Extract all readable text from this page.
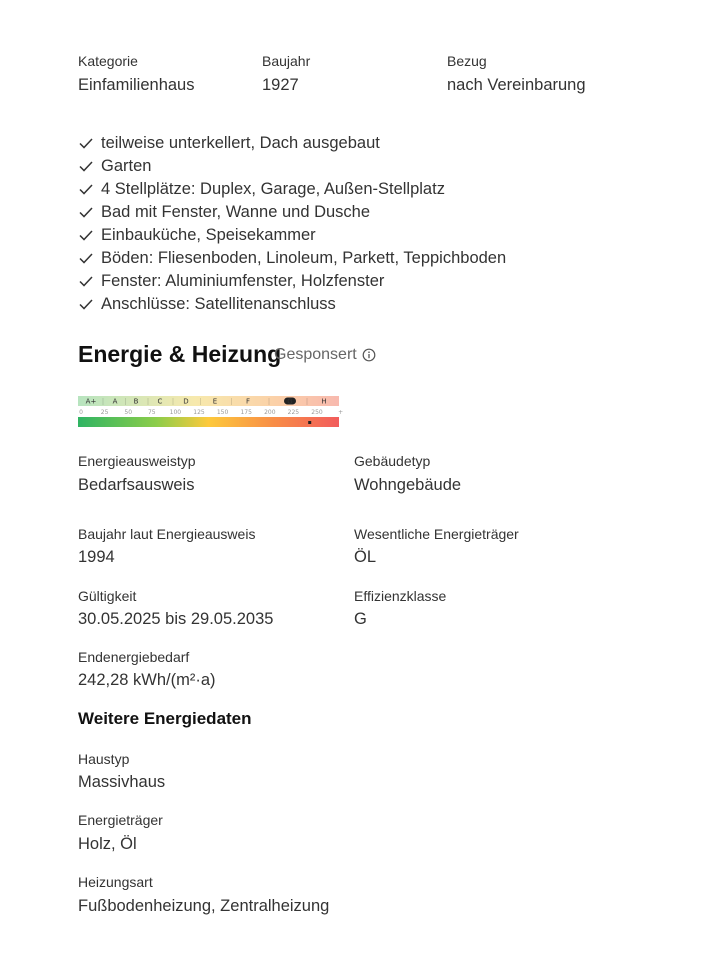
Kategorie
Einfamilienhaus
Baujahr
1927
Bezug
nach Vereinbarung
teilweise unterkellert, Dach ausgebaut
Garten
4 Stellplätze: Duplex, Garage, Außen-Stellplatz
Bad mit Fenster, Wanne und Dusche
Einbauküche, Speisekammer
Böden: Fliesenboden, Linoleum, Parkett, Teppichboden
Fenster: Aluminiumfenster, Holzfenster
Anschlüsse: Satellitenanschluss
Energie & Heizung
Gesponsert
A+ A B	C	D	E	F	G	H
0	25	50	75 100 125 150 175 200 225 250	+
Energieausweistyp
Bedarfsausweis
Gebäudetyp
Wohngebäude
Baujahr laut Energieausweis
1994
Wesentliche Energieträger
ÖL
Gültigkeit
30.05.2025 bis 29.05.2035
Effizienzklasse
G
Endenergiebedarf
242,28 kWh/(m²·a)
Weitere Energiedaten
Haustyp
Massivhaus
Energieträger
Holz, Öl
Heizungsart
Fußbodenheizung, Zentralheizung
